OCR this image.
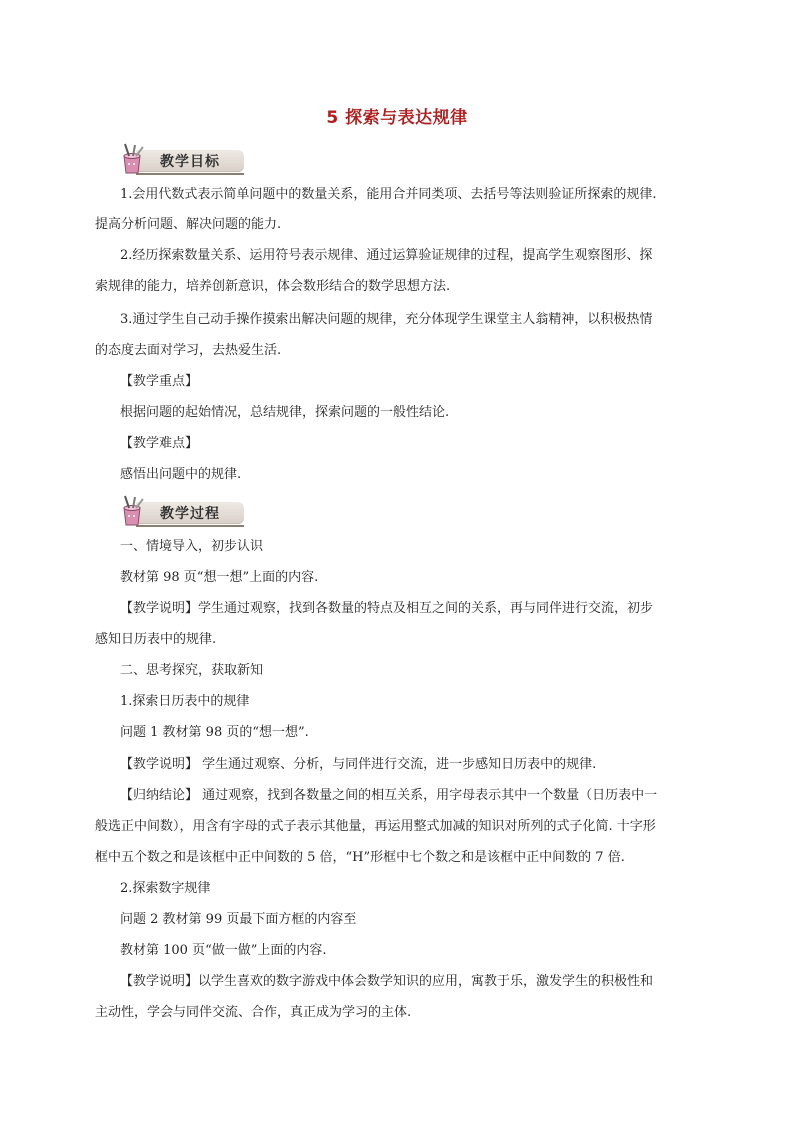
5 探索与表达规律
教学目标
1.会用代数式表示简单问题中的数量关系，能用合并同类项、去括号等法则验证所探索的规律.
提高分析问题、解决问题的能力.
2.经历探索数量关系、运用符号表示规律、通过运算验证规律的过程，提高学生观察图形、探
索规律的能力，培养创新意识，体会数形结合的数学思想方法.
3.通过学生自己动手操作摸索出解决问题的规律，充分体现学生课堂主人翁精神，以积极热情
的态度去面对学习，去热爱生活.
【教学重点】
根据问题的起始情况，总结规律，探索问题的一般性结论.
【教学难点】
感悟出问题中的规律.
教学过程
一、情境导入，初步认识
教材第 98 页“想一想”上面的内容.
【教学说明】学生通过观察，找到各数量的特点及相互之间的关系，再与同伴进行交流，初步
感知日历表中的规律.
二、思考探究，获取新知
1.探索日历表中的规律
问题 1 教材第 98 页的“想一想”.
【教学说明】 学生通过观察、分析，与同伴进行交流，进一步感知日历表中的规律.
【归纳结论】 通过观察，找到各数量之间的相互关系，用字母表示其中一个数量（日历表中一
般选正中间数），用含有字母的式子表示其他量，再运用整式加减的知识对所列的式子化简. 十字形
框中五个数之和是该框中正中间数的 5 倍，“H”形框中七个数之和是该框中正中间数的 7 倍.
2.探索数字规律
问题 2 教材第 99 页最下面方框的内容至
教材第 100 页“做一做”上面的内容.
【教学说明】以学生喜欢的数字游戏中体会数学知识的应用，寓教于乐，激发学生的积极性和
主动性，学会与同伴交流、合作，真正成为学习的主体.
